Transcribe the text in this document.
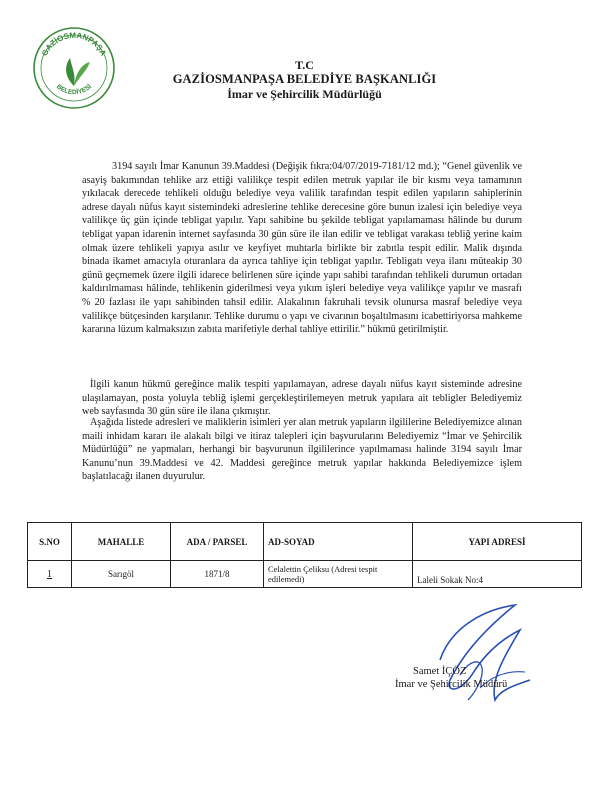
GAZİOSMANPAŞA
BELEDİYESİ
T.C
GAZİOSMANPAŞA BELEDİYE BAŞKANLIĞI
İmar ve Şehircilik Müdürlüğü

3194 sayılı İmar Kanunun 39.Maddesi (Değişik fıkra:04/07/2019-7181/12 md.); “Genel güvenlik ve asayiş bakımından tehlike arz ettiği valilikçe tespit edilen metruk yapılar ile bir kısmı veya tamamının yıkılacak derecede tehlikeli olduğu belediye veya valilik tarafından tespit edilen yapıların sahiplerinin adrese dayalı nüfus kayıt sistemindeki adreslerine tehlike derecesine göre bunun izalesi için belediye veya valilikçe üç gün içinde tebligat yapılır. Yapı sahibine bu şekilde tebligat yapılamaması hâlinde bu durum tebligat yapan idarenin internet sayfasında 30 gün süre ile ilan edilir ve tebligat varakası tebliğ yerine kaim olmak üzere tehlikeli yapıya asılır ve keyfiyet muhtarla birlikte bir zabıtla tespit edilir. Malik dışında binada ikamet amacıyla oturanlara da ayrıca tahliye için tebligat yapılır. Tebligatı veya ilanı müteakip 30 günü geçmemek üzere ilgili idarece belirlenen süre içinde yapı sahibi tarafından tehlikeli durumun ortadan kaldırılmaması hâlinde, tehlikenin giderilmesi veya yıkım işleri belediye veya valilikçe yapılır ve masrafı % 20 fazlası ile yapı sahibinden tahsil edilir. Alakalının fakruhali tevsik olunursa masraf belediye veya valilikçe bütçesinden karşılanır. Tehlike durumu o yapı ve civarının boşaltılmasını icabettiriyorsa mahkeme kararına lüzum kalmaksızın zabıta marifetiyle derhal tahliye ettirilir.” hükmü getirilmiştir.

İlgili kanun hükmü gereğince malik tespiti yapılamayan, adrese dayalı nüfus kayıt sisteminde adresine ulaşılamayan, posta yoluyla tebliğ işlemi gerçekleştirilemeyen metruk yapılara ait tebligler Belediyemiz web sayfasında 30 gün süre ile ilana çıkmıştır.

Aşağıda listede adresleri ve maliklerin isimleri yer alan metruk yapıların ilgililerine Belediyemizce alınan maili inhidam kararı ile alakalı bilgi ve itiraz talepleri için başvurularını Belediyemiz “İmar ve Şehircilik Müdürlüğü” ne yapmaları, herhangi bir başvurunun ilgililerince yapılmaması halinde 3194 sayılı İmar Kanunu’nun 39.Maddesi ve 42. Maddesi gereğince metruk yapılar hakkında Belediyemizce işlem başlatılacağı ilanen duyurulur.

S.NO	MAHALLE	ADA / PARSEL	AD-SOYAD	YAPI ADRESİ
1	Sarıgöl	1871/8	Celalettin Çeliksu (Adresi tespit edilemedi)	Laleli Sokak No:4
Samet İÇÖZ
İmar ve Şehircilik Müdürü
